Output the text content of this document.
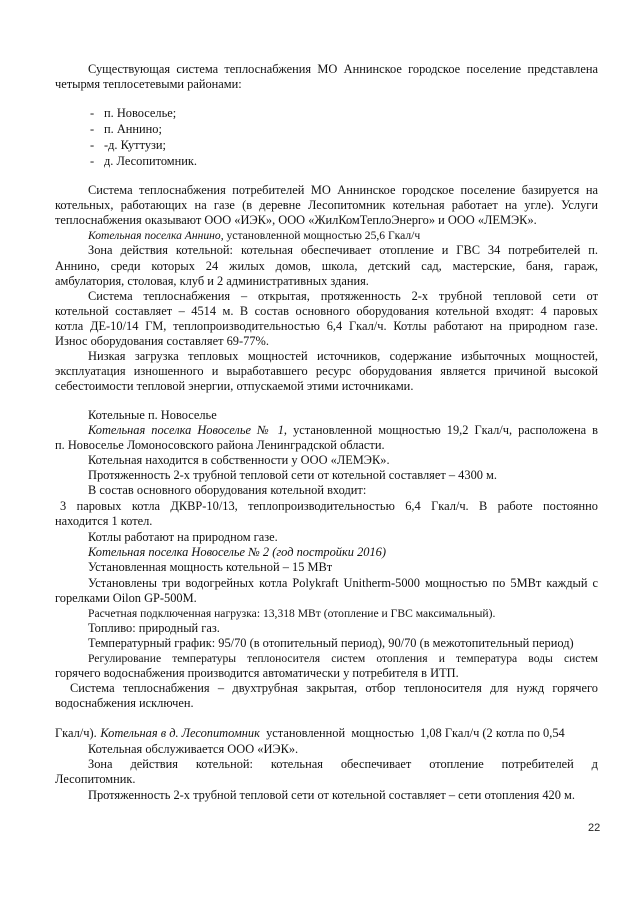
Существующая система теплоснабжения МО Аннинское городское поселение представлена
четырмя теплосетевыми районами:
- п. Новоселье;
- п. Аннино;
- -д. Куттузи;
- д. Лесопитомник.
Система теплоснабжения потребителей МО Аннинское городское поселение базируется на
котельных, работающих на газе (в деревне Лесопитомник котельная работает на угле). Услуги
теплоснабжения оказывают ООО «ИЭК», ООО «ЖилКомТеплоЭнерго» и ООО «ЛЕМЭК».
Котельная поселка Аннино, установленной мощностью 25,6 Гкал/ч
Зона действия котельной: котельная обеспечивает отопление и ГВС 34 потребителей п.
Аннино, среди которых 24 жилых домов, школа, детский сад, мастерские, баня, гараж,
амбулатория, столовая, клуб и 2 административных здания.
Система теплоснабжения – открытая, протяженность 2-х трубной тепловой сети от
котельной составляет – 4514 м. В состав основного оборудования котельной входят: 4 паровых
котла ДЕ-10/14 ГМ, теплопроизводительностью 6,4 Гкал/ч. Котлы работают на природном газе.
Износ оборудования составляет 69-77%.
Низкая загрузка тепловых мощностей источников, содержание избыточных мощностей,
эксплуатация изношенного и выработавшего ресурс оборудования является причиной высокой
себестоимости тепловой энергии, отпускаемой этими источниками.
Котельные п. Новоселье
Котельная поселка Новоселье № 1, установленной мощностью 19,2 Гкал/ч, расположена в
п. Новоселье Ломоносовского района Ленинградской области.
Котельная находится в собственности у ООО «ЛЕМЭК».
Протяженность 2-х трубной тепловой сети от котельной составляет – 4300 м.
В состав основного оборудования котельной входит:
3 паровых котла ДКВР-10/13, теплопроизводительностью 6,4 Гкал/ч. В работе постоянно
находится 1 котел.
Котлы работают на природном газе.
Котельная поселка Новоселье № 2 (год постройки 2016)
Установленная мощность котельной – 15 МВт
Установлены три водогрейных котла Polykraft Unitherm-5000 мощностью по 5МВт каждый с
горелками Oilon GP-500M.
Расчетная подключенная нагрузка: 13,318 МВт (отопление и ГВС максимальный).
Топливо: природный газ.
Температурный график: 95/70 (в отопительный период), 90/70 (в межотопительный период)
Регулирование температуры теплоносителя систем отопления и температура воды систем
горячего водоснабжения производится автоматически у потребителя в ИТП.
Система теплоснабжения – двухтрубная закрытая, отбор теплоносителя для нужд горячего
водоснабжения исключен.

Котельная в д. Лесопитомник  установленной  мощностью  1,08 Гкал/ч (2 котла по 0,54

Гкал/ч).
Котельная обслуживается ООО «ИЭК».
Зона действия котельной: котельная обеспечивает отопление потребителей д
Лесопитомник.
Протяженность 2-х трубной тепловой сети от котельной составляет – сети отопления 420 м.
22
